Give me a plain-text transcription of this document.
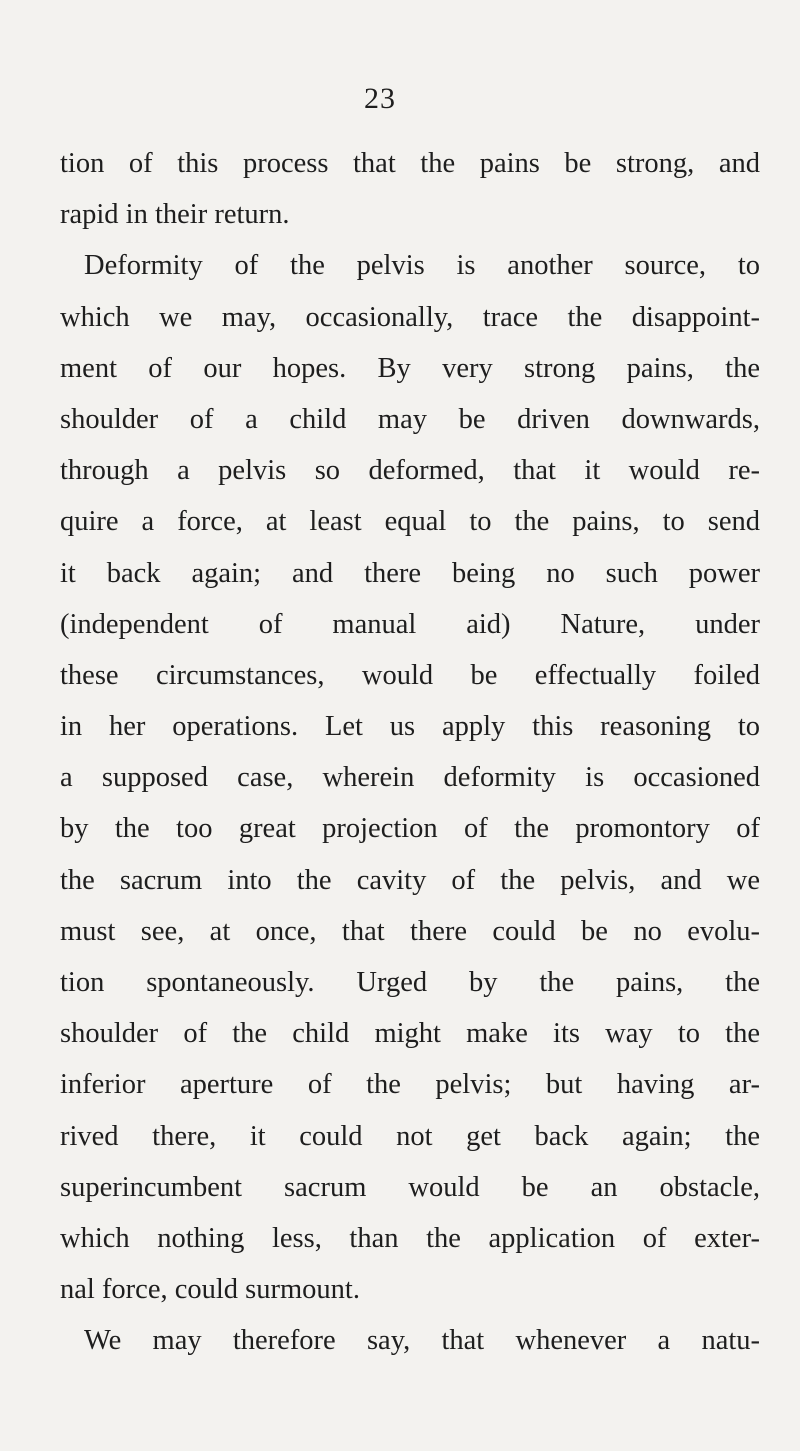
23
tion of this process that the pains be strong, and
rapid in their return.
Deformity of the pelvis is another source, to
which we may, occasionally, trace the disappoint-
ment of our hopes. By very strong pains, the
shoulder of a child may be driven downwards,
through a pelvis so deformed, that it would re-
quire a force, at least equal to the pains, to send
it back again; and there being no such power
(independent of manual aid) Nature, under
these circumstances, would be effectually foiled
in her operations. Let us apply this reasoning to
a supposed case, wherein deformity is occasioned
by the too great projection of the promontory of
the sacrum into the cavity of the pelvis, and we
must see, at once, that there could be no evolu-
tion spontaneously. Urged by the pains, the
shoulder of the child might make its way to the
inferior aperture of the pelvis; but having ar-
rived there, it could not get back again; the
superincumbent sacrum would be an obstacle,
which nothing less, than the application of exter-
nal force, could surmount.
We may therefore say, that whenever a natu-
